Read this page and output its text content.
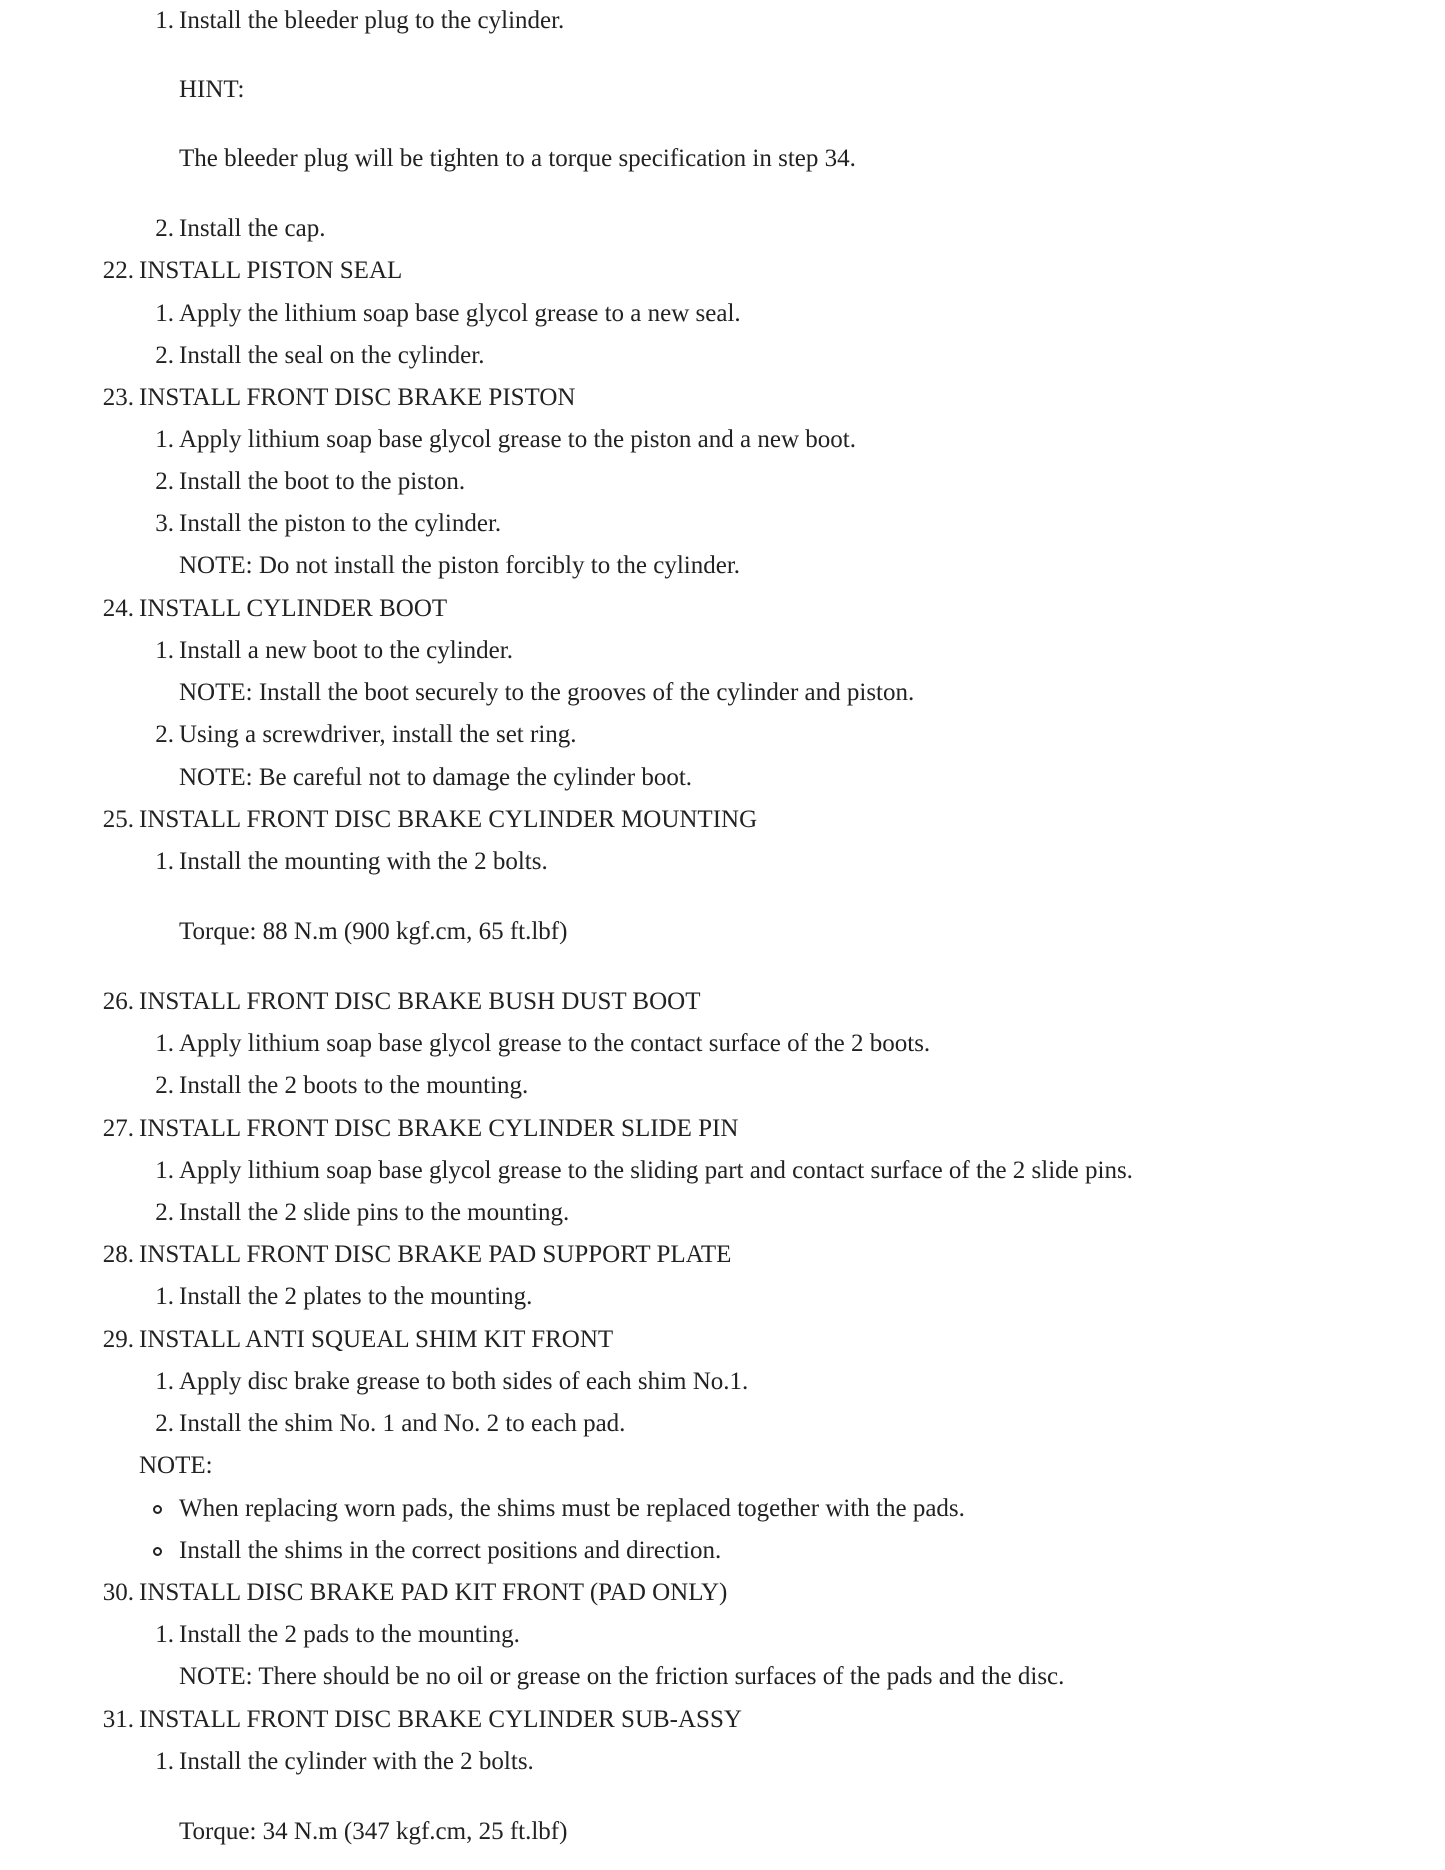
1. Install the bleeder plug to the cylinder.
HINT:
The bleeder plug will be tighten to a torque specification in step 34.
2. Install the cap.
22. INSTALL PISTON SEAL
1. Apply the lithium soap base glycol grease to a new seal.
2. Install the seal on the cylinder.
23. INSTALL FRONT DISC BRAKE PISTON
1. Apply lithium soap base glycol grease to the piston and a new boot.
2. Install the boot to the piston.
3. Install the piston to the cylinder.
NOTE: Do not install the piston forcibly to the cylinder.
24. INSTALL CYLINDER BOOT
1. Install a new boot to the cylinder.
NOTE: Install the boot securely to the grooves of the cylinder and piston.
2. Using a screwdriver, install the set ring.
NOTE: Be careful not to damage the cylinder boot.
25. INSTALL FRONT DISC BRAKE CYLINDER MOUNTING
1. Install the mounting with the 2 bolts.
Torque: 88 N.m (900 kgf.cm, 65 ft.lbf)
26. INSTALL FRONT DISC BRAKE BUSH DUST BOOT
1. Apply lithium soap base glycol grease to the contact surface of the 2 boots.
2. Install the 2 boots to the mounting.
27. INSTALL FRONT DISC BRAKE CYLINDER SLIDE PIN
1. Apply lithium soap base glycol grease to the sliding part and contact surface of the 2 slide pins.
2. Install the 2 slide pins to the mounting.
28. INSTALL FRONT DISC BRAKE PAD SUPPORT PLATE
1. Install the 2 plates to the mounting.
29. INSTALL ANTI SQUEAL SHIM KIT FRONT
1. Apply disc brake grease to both sides of each shim No.1.
2. Install the shim No. 1 and No. 2 to each pad.
NOTE:
When replacing worn pads, the shims must be replaced together with the pads.
Install the shims in the correct positions and direction.
30. INSTALL DISC BRAKE PAD KIT FRONT (PAD ONLY)
1. Install the 2 pads to the mounting.
NOTE: There should be no oil or grease on the friction surfaces of the pads and the disc.
31. INSTALL FRONT DISC BRAKE CYLINDER SUB-ASSY
1. Install the cylinder with the 2 bolts.
Torque: 34 N.m (347 kgf.cm, 25 ft.lbf)
